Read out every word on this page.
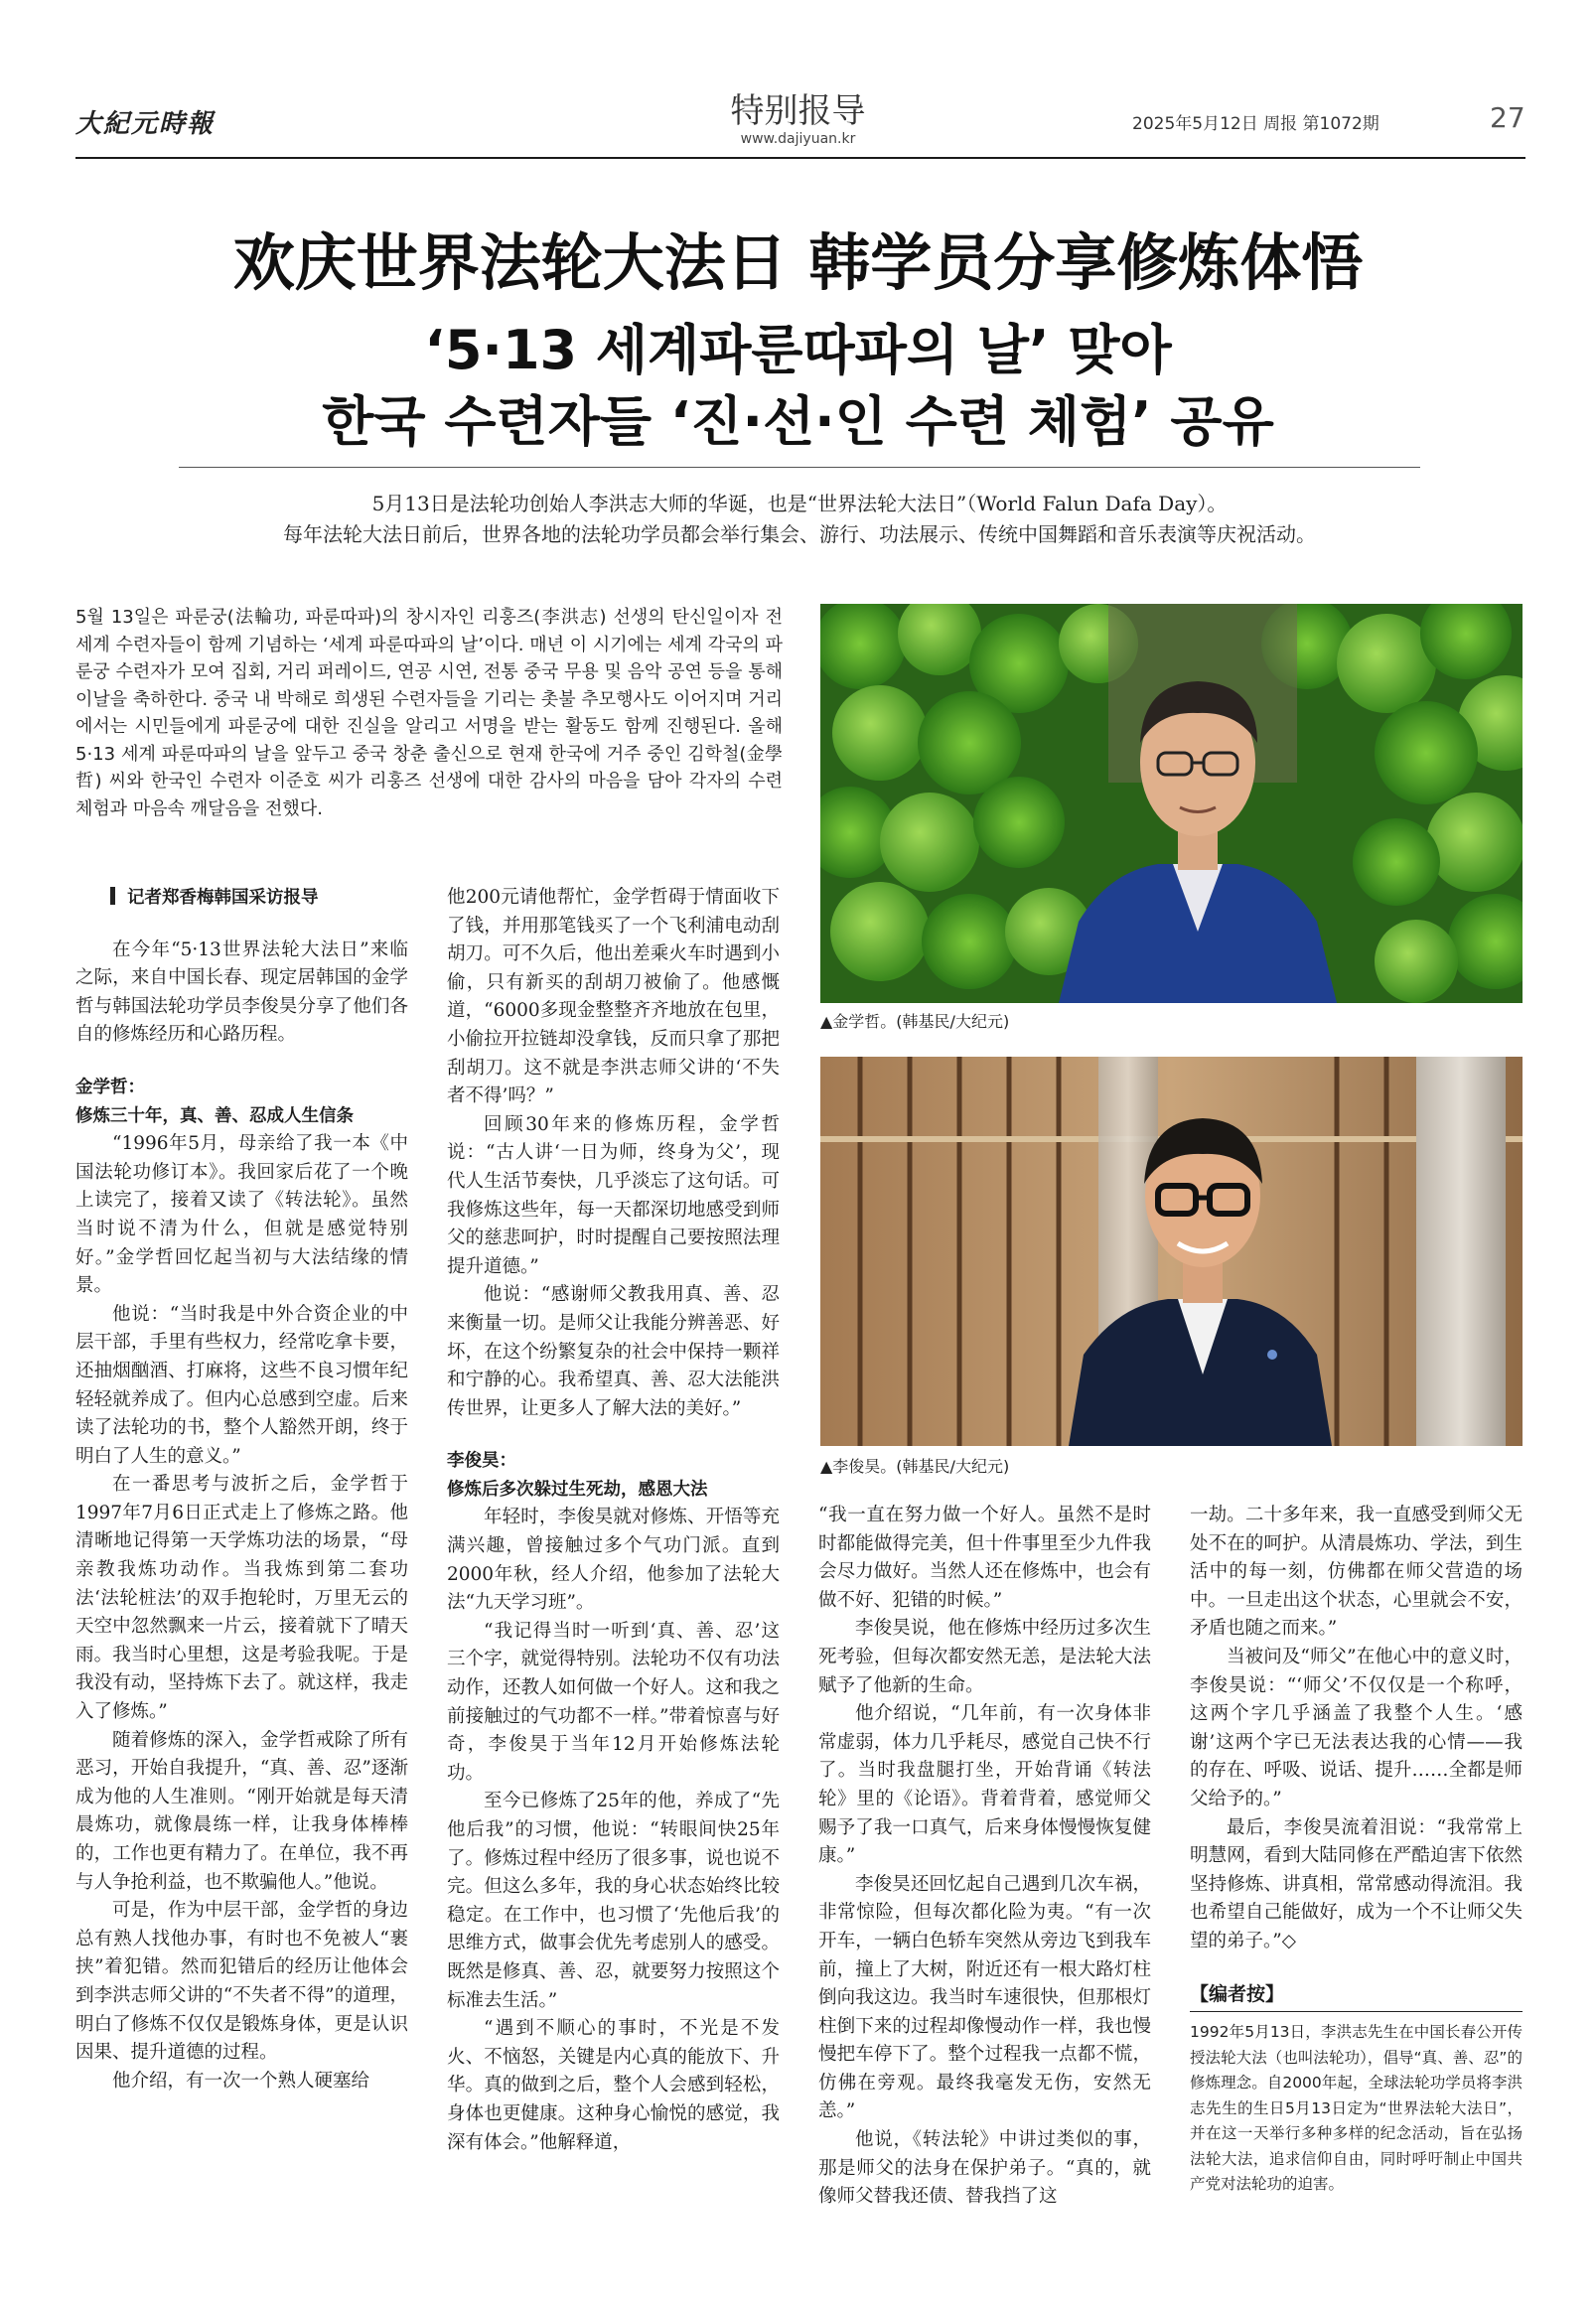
大紀元時報	特别报导
www.dajiyuan.kr
2025年5月12日 周报 第1072期	27
欢庆世界法轮大法日 韩学员分享修炼体悟
‘5·13 세계파룬따파의 날’ 맞아
한국 수련자들 ‘진·선·인 수련 체험’ 공유
5月13日是法轮功创始人李洪志大师的华诞，也是“世界法轮大法日”（World Falun Dafa Day）。
每年法轮大法日前后，世界各地的法轮功学员都会举行集会、游行、功法展示、传统中国舞蹈和音乐表演等庆祝活动。
5월 13일은 파룬궁(法輪功, 파룬따파)의 창시자인 리훙즈(李洪志) 선생의 탄신일이자 전 세계 수련자들이 함께 기념하는 ‘세계 파룬따파의 날’이다. 매년 이 시기에는 세계 각국의 파룬궁 수련자가 모여 집회, 거리 퍼레이드, 연공 시연, 전통 중국 무용 및 음악 공연 등을 통해 이날을 축하한다. 중국 내 박해로 희생된 수련자들을 기리는 촛불 추모행사도 이어지며 거리에서는 시민들에게 파룬궁에 대한 진실을 알리고 서명을 받는 활동도 함께 진행된다. 올해 5·13 세계 파룬따파의 날을 앞두고 중국 창춘 출신으로 현재 한국에 거주 중인 김학철(金學哲) 씨와 한국인 수련자 이준호 씨가 리훙즈 선생에 대한 감사의 마음을 담아 각자의 수련 체험과 마음속 깨달음을 전했다.
▲金学哲。(韩基民/大纪元)
▲李俊昊。(韩基民/大纪元)

记者郑香梅韩国采访报导

在今年“5·13世界法轮大法日”来临之际，来自中国长春、现定居韩国的金学哲与韩国法轮功学员李俊昊分享了他们各自的修炼经历和心路历程。

金学哲：

修炼三十年，真、善、忍成人生信条

“1996年5月，母亲给了我一本《中国法轮功修订本》。我回家后花了一个晚上读完了，接着又读了《转法轮》。虽然当时说不清为什么，但就是感觉特别好。”金学哲回忆起当初与大法结缘的情景。

他说：“当时我是中外合资企业的中层干部，手里有些权力，经常吃拿卡要，还抽烟酗酒、打麻将，这些不良习惯年纪轻轻就养成了。但内心总感到空虚。后来读了法轮功的书，整个人豁然开朗，终于明白了人生的意义。”

在一番思考与波折之后，金学哲于1997年7月6日正式走上了修炼之路。他清晰地记得第一天学炼功法的场景，“母亲教我炼功动作。当我炼到第二套功法‘法轮桩法’的双手抱轮时，万里无云的天空中忽然飘来一片云，接着就下了晴天雨。我当时心里想，这是考验我呢。于是我没有动，坚持炼下去了。就这样，我走入了修炼。”

随着修炼的深入，金学哲戒除了所有恶习，开始自我提升，“真、善、忍”逐渐成为他的人生准则。“刚开始就是每天清晨炼功，就像晨练一样，让我身体棒棒的，工作也更有精力了。在单位，我不再与人争抢利益，也不欺骗他人。”他说。

可是，作为中层干部，金学哲的身边总有熟人找他办事，有时也不免被人“裹挟”着犯错。然而犯错后的经历让他体会到李洪志师父讲的“不失者不得”的道理，明白了修炼不仅仅是锻炼身体，更是认识因果、提升道德的过程。

他介绍，有一次一个熟人硬塞给

他200元请他帮忙，金学哲碍于情面收下了钱，并用那笔钱买了一个飞利浦电动刮胡刀。可不久后，他出差乘火车时遇到小偷，只有新买的刮胡刀被偷了。他感慨道，“6000多现金整整齐齐地放在包里，小偷拉开拉链却没拿钱，反而只拿了那把刮胡刀。这不就是李洪志师父讲的‘不失者不得’吗？”

回顾30年来的修炼历程，金学哲说：“古人讲‘一日为师，终身为父’，现代人生活节奏快，几乎淡忘了这句话。可我修炼这些年，每一天都深切地感受到师父的慈悲呵护，时时提醒自己要按照法理提升道德。”

他说：“感谢师父教我用真、善、忍来衡量一切。是师父让我能分辨善恶、好坏，在这个纷繁复杂的社会中保持一颗祥和宁静的心。我希望真、善、忍大法能洪传世界，让更多人了解大法的美好。”

李俊昊：

修炼后多次躲过生死劫，感恩大法

年轻时，李俊昊就对修炼、开悟等充满兴趣，曾接触过多个气功门派。直到2000年秋，经人介绍，他参加了法轮大法“九天学习班”。

“我记得当时一听到‘真、善、忍’这三个字，就觉得特别。法轮功不仅有功法动作，还教人如何做一个好人。这和我之前接触过的气功都不一样。”带着惊喜与好奇，李俊昊于当年12月开始修炼法轮功。

至今已修炼了25年的他，养成了“先他后我”的习惯，他说：“转眼间快25年了。修炼过程中经历了很多事，说也说不完。但这么多年，我的身心状态始终比较稳定。在工作中，也习惯了‘先他后我’的思维方式，做事会优先考虑别人的感受。既然是修真、善、忍，就要努力按照这个标准去生活。”

“遇到不顺心的事时，不光是不发火、不恼怒，关键是内心真的能放下、升华。真的做到之后，整个人会感到轻松，身体也更健康。这种身心愉悦的感觉，我深有体会。”他解释道，

“我一直在努力做一个好人。虽然不是时时都能做得完美，但十件事里至少九件我会尽力做好。当然人还在修炼中，也会有做不好、犯错的时候。”

李俊昊说，他在修炼中经历过多次生死考验，但每次都安然无恙，是法轮大法赋予了他新的生命。

他介绍说，“几年前，有一次身体非常虚弱，体力几乎耗尽，感觉自己快不行了。当时我盘腿打坐，开始背诵《转法轮》里的《论语》。背着背着，感觉师父赐予了我一口真气，后来身体慢慢恢复健康。”

李俊昊还回忆起自己遇到几次车祸，非常惊险，但每次都化险为夷。“有一次开车，一辆白色轿车突然从旁边飞到我车前，撞上了大树，附近还有一根大路灯柱倒向我这边。我当时车速很快，但那根灯柱倒下来的过程却像慢动作一样，我也慢慢把车停下了。整个过程我一点都不慌，仿佛在旁观。最终我毫发无伤，安然无恙。”

他说，《转法轮》中讲过类似的事，那是师父的法身在保护弟子。“真的，就像师父替我还债、替我挡了这

一劫。二十多年来，我一直感受到师父无处不在的呵护。从清晨炼功、学法，到生活中的每一刻，仿佛都在师父营造的场中。一旦走出这个状态，心里就会不安，矛盾也随之而来。”

当被问及“师父”在他心中的意义时，李俊昊说：“‘师父’不仅仅是一个称呼，这两个字几乎涵盖了我整个人生。‘感谢’这两个字已无法表达我的心情——我的存在、呼吸、说话、提升……全都是师父给予的。”

最后，李俊昊流着泪说：“我常常上明慧网，看到大陆同修在严酷迫害下依然坚持修炼、讲真相，常常感动得流泪。我也希望自己能做好，成为一个不让师父失望的弟子。”◇

【编者按】
1992年5月13日，李洪志先生在中国长春公开传授法轮大法（也叫法轮功），倡导“真、善、忍”的修炼理念。自2000年起，全球法轮功学员将李洪志先生的生日5月13日定为“世界法轮大法日”，并在这一天举行多种多样的纪念活动，旨在弘扬法轮大法，追求信仰自由，同时呼吁制止中国共产党对法轮功的迫害。
